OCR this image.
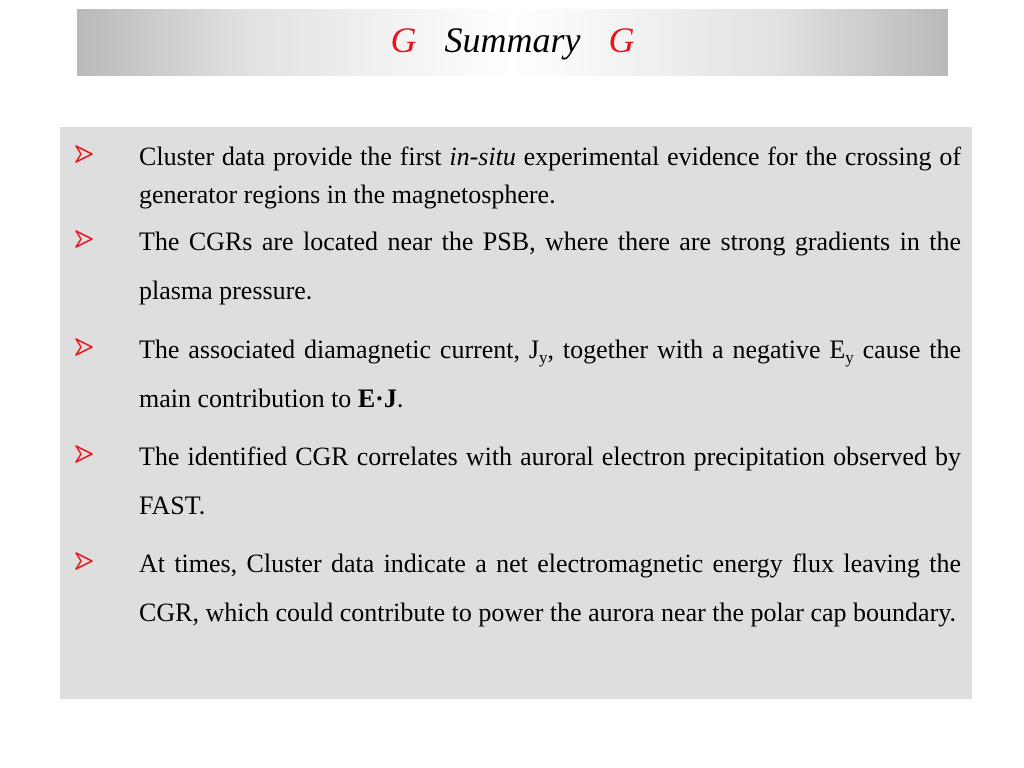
G Summary G
Cluster data provide the first in-situ experimental evidence for the crossing of generator regions in the magnetosphere.
The CGRs are located near the PSB, where there are strong gradients in the plasma pressure.
The associated diamagnetic current, $J_y$, together with a negative $E_y$ cause the main contribution to E·J.
The identified CGR correlates with auroral electron precipitation observed by FAST.
At times, Cluster data indicate a net electromagnetic energy flux leaving the CGR, which could contribute to power the aurora near the polar cap boundary.
